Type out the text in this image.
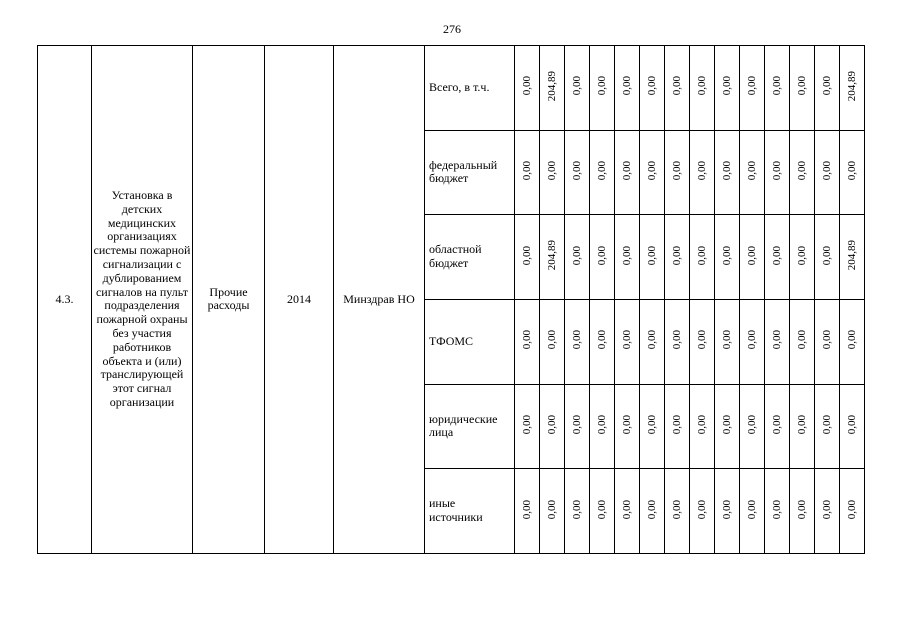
276
4.3.	Установка в детских медицинских организациях системы пожарной сигнализации с дублированием сигналов на пульт подразделения пожарной охраны без участия работников объекта и (или) транслирующей этот сигнал организации	Прочие расходы	2014	Минздрав НО	Всего, в т.ч.	0,00	204,89	0,00	0,00	0,00	0,00	0,00	0,00	0,00	0,00	0,00	0,00	0,00	204,89
					федеральный бюджет	0,00	0,00	0,00	0,00	0,00	0,00	0,00	0,00	0,00	0,00	0,00	0,00	0,00	0,00
					областной бюджет	0,00	204,89	0,00	0,00	0,00	0,00	0,00	0,00	0,00	0,00	0,00	0,00	0,00	204,89
					ТФОМС	0,00	0,00	0,00	0,00	0,00	0,00	0,00	0,00	0,00	0,00	0,00	0,00	0,00	0,00
					юридические лица	0,00	0,00	0,00	0,00	0,00	0,00	0,00	0,00	0,00	0,00	0,00	0,00	0,00	0,00
					иные источники	0,00	0,00	0,00	0,00	0,00	0,00	0,00	0,00	0,00	0,00	0,00	0,00	0,00	0,00
